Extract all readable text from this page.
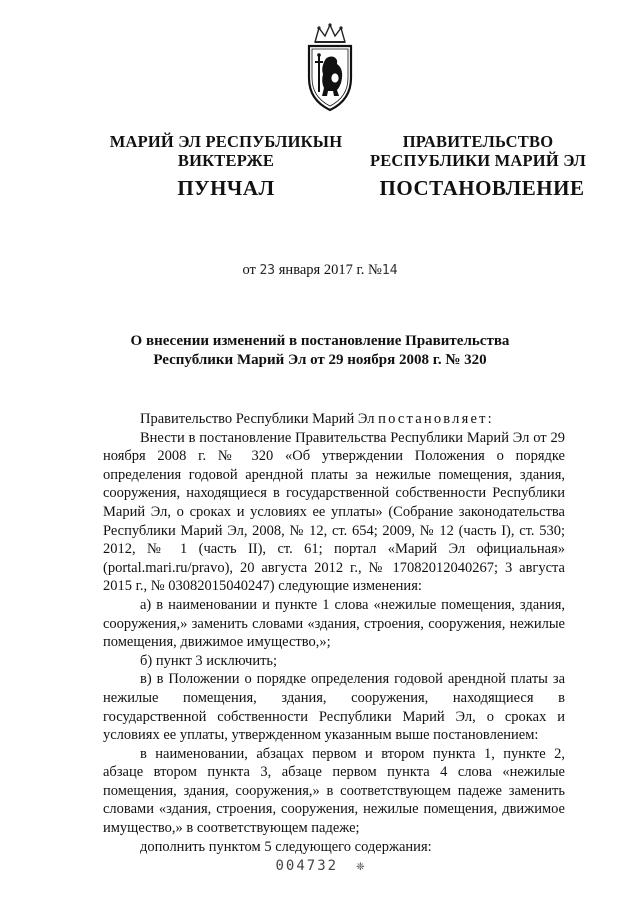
МАРИЙ ЭЛ РЕСПУБЛИКЫН
ВИКТЕРЖЕ
ПУНЧАЛ
ПРАВИТЕЛЬСТВО
РЕСПУБЛИКИ МАРИЙ ЭЛ
ПОСТАНОВЛЕНИЕ
от 23 января 2017 г. №14
О внесении изменений в постановление Правительства
Республики Марий Эл от 29 ноября 2008 г. № 320

Правительство Республики Марий Эл постановляет:

Внести в постановление Правительства Республики Марий Эл от 29 ноября 2008 г. № 320 «Об утверждении Положения о порядке определения годовой арендной платы за нежилые помещения, здания, сооружения, находящиеся в государственной собственности Республики Марий Эл, о сроках и условиях ее уплаты» (Собрание законодательства Республики Марий Эл, 2008, № 12, ст. 654; 2009, № 12 (часть I), ст. 530; 2012, № 1 (часть II), ст. 61; портал «Марий Эл официальная» (portal.mari.ru/pravo), 20 августа 2012 г., № 17082012040267; 3 августа 2015 г., № 03082015040247) следующие изменения:

а) в наименовании и пункте 1 слова «нежилые помещения, здания, сооружения,» заменить словами «здания, строения, сооружения, нежилые помещения, движимое имущество,»;

б) пункт 3 исключить;

в) в Положении о порядке определения годовой арендной платы за нежилые помещения, здания, сооружения, находящиеся в государственной собственности Республики Марий Эл, о сроках и условиях ее уплаты, утвержденном указанным выше постановлением:

в наименовании, абзацах первом и втором пункта 1, пункте 2, абзаце втором пункта 3, абзаце первом пункта 4 слова «нежилые помещения, здания, сооружения,» в соответствующем падеже заменить словами «здания, строения, сооружения, нежилые помещения, движимое имущество,» в соответствующем падеже;

дополнить пунктом 5 следующего содержания:

004732 ❈
